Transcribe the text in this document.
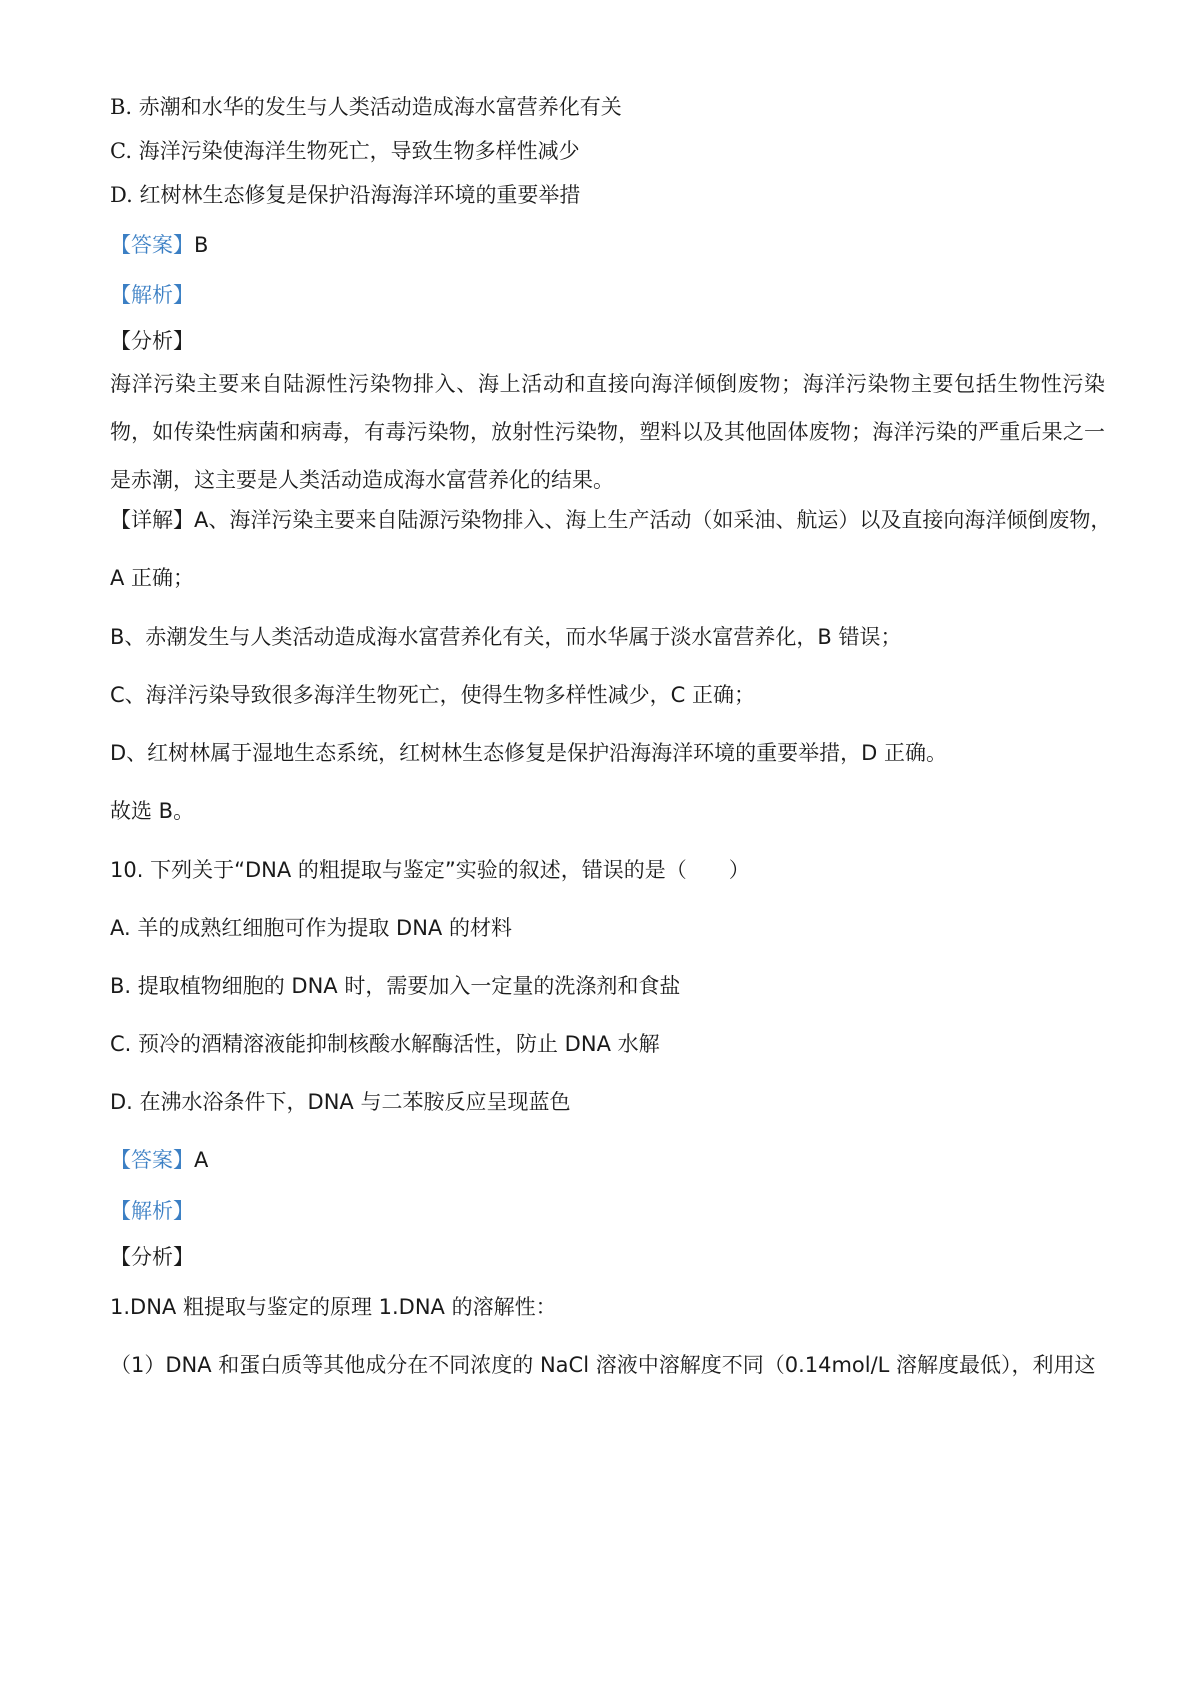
B. 赤潮和水华的发生与人类活动造成海水富营养化有关
C. 海洋污染使海洋生物死亡，导致生物多样性减少
D. 红树林生态修复是保护沿海海洋环境的重要举措
【答案】B
【解析】
【分析】
海洋污染主要来自陆源性污染物排入、海上活动和直接向海洋倾倒废物；海洋污染物主要包括生物性污染物，如传染性病菌和病毒，有毒污染物，放射性污染物，塑料以及其他固体废物；海洋污染的严重后果之一是赤潮，这主要是人类活动造成海水富营养化的结果。
【详解】A、海洋污染主要来自陆源污染物排入、海上生产活动（如采油、航运）以及直接向海洋倾倒废物，
A 正确；
B、赤潮发生与人类活动造成海水富营养化有关，而水华属于淡水富营养化，B 错误；
C、海洋污染导致很多海洋生物死亡，使得生物多样性减少，C 正确；
D、红树林属于湿地生态系统，红树林生态修复是保护沿海海洋环境的重要举措，D 正确。
故选 B。
10. 下列关于“DNA 的粗提取与鉴定”实验的叙述，错误的是（　　）
A. 羊的成熟红细胞可作为提取 DNA 的材料
B. 提取植物细胞的 DNA 时，需要加入一定量的洗涤剂和食盐
C. 预冷的酒精溶液能抑制核酸水解酶活性，防止 DNA 水解
D. 在沸水浴条件下，DNA 与二苯胺反应呈现蓝色
【答案】A
【解析】
【分析】
1.DNA 粗提取与鉴定的原理 1.DNA 的溶解性：
（1）DNA 和蛋白质等其他成分在不同浓度的 NaCl 溶液中溶解度不同（0.14mol/L 溶解度最低），利用这
